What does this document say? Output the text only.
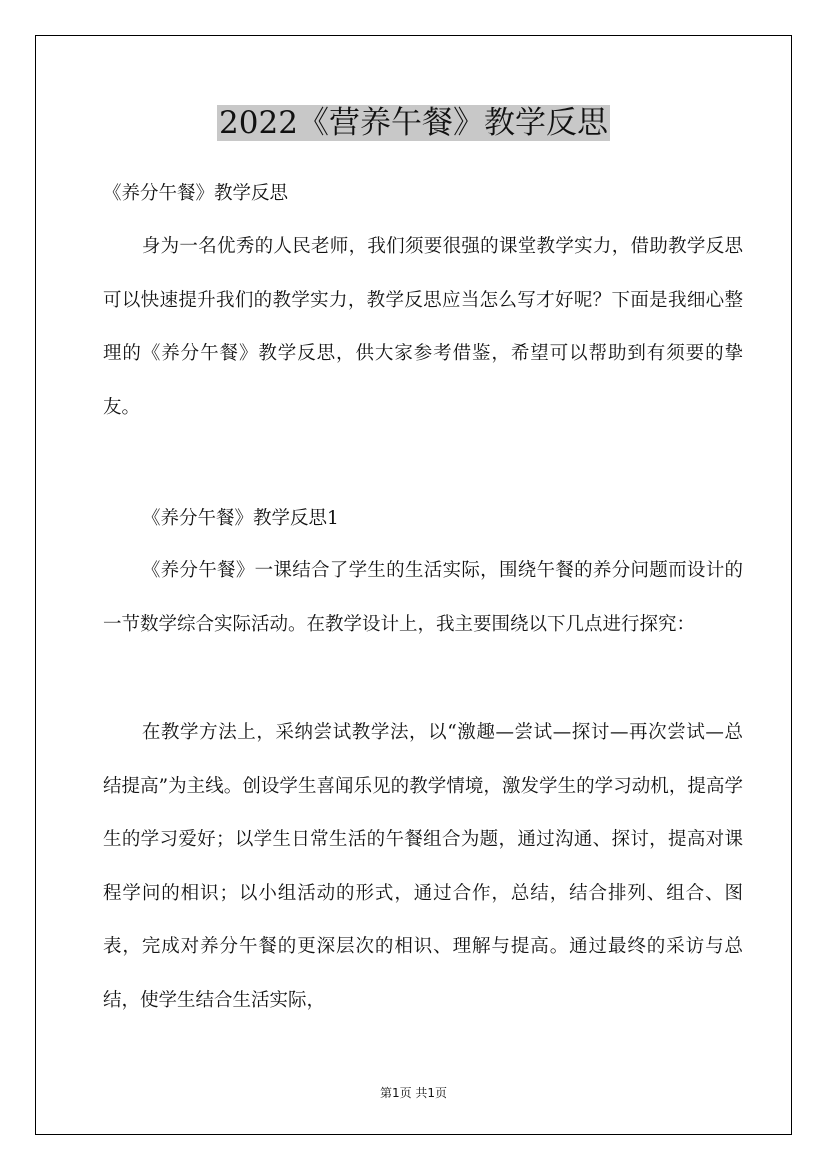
2022《营养午餐》教学反思

《养分午餐》教学反思

身为一名优秀的人民老师，我们须要很强的课堂教学实力，借助教学反思可以快速提升我们的教学实力，教学反思应当怎么写才好呢？下面是我细心整理的《养分午餐》教学反思，供大家参考借鉴，希望可以帮助到有须要的挚友。

《养分午餐》教学反思1

《养分午餐》一课结合了学生的生活实际，围绕午餐的养分问题而设计的一节数学综合实际活动。在教学设计上，我主要围绕以下几点进行探究：

在教学方法上，采纳尝试教学法，以“激趣—尝试—探讨—再次尝试—总结提高”为主线。创设学生喜闻乐见的教学情境，激发学生的学习动机，提高学生的学习爱好；以学生日常生活的午餐组合为题，通过沟通、探讨，提高对课程学问的相识；以小组活动的形式，通过合作，总结，结合排列、组合、图表，完成对养分午餐的更深层次的相识、理解与提高。通过最终的采访与总结，使学生结合生活实际，

第1页 共1页
